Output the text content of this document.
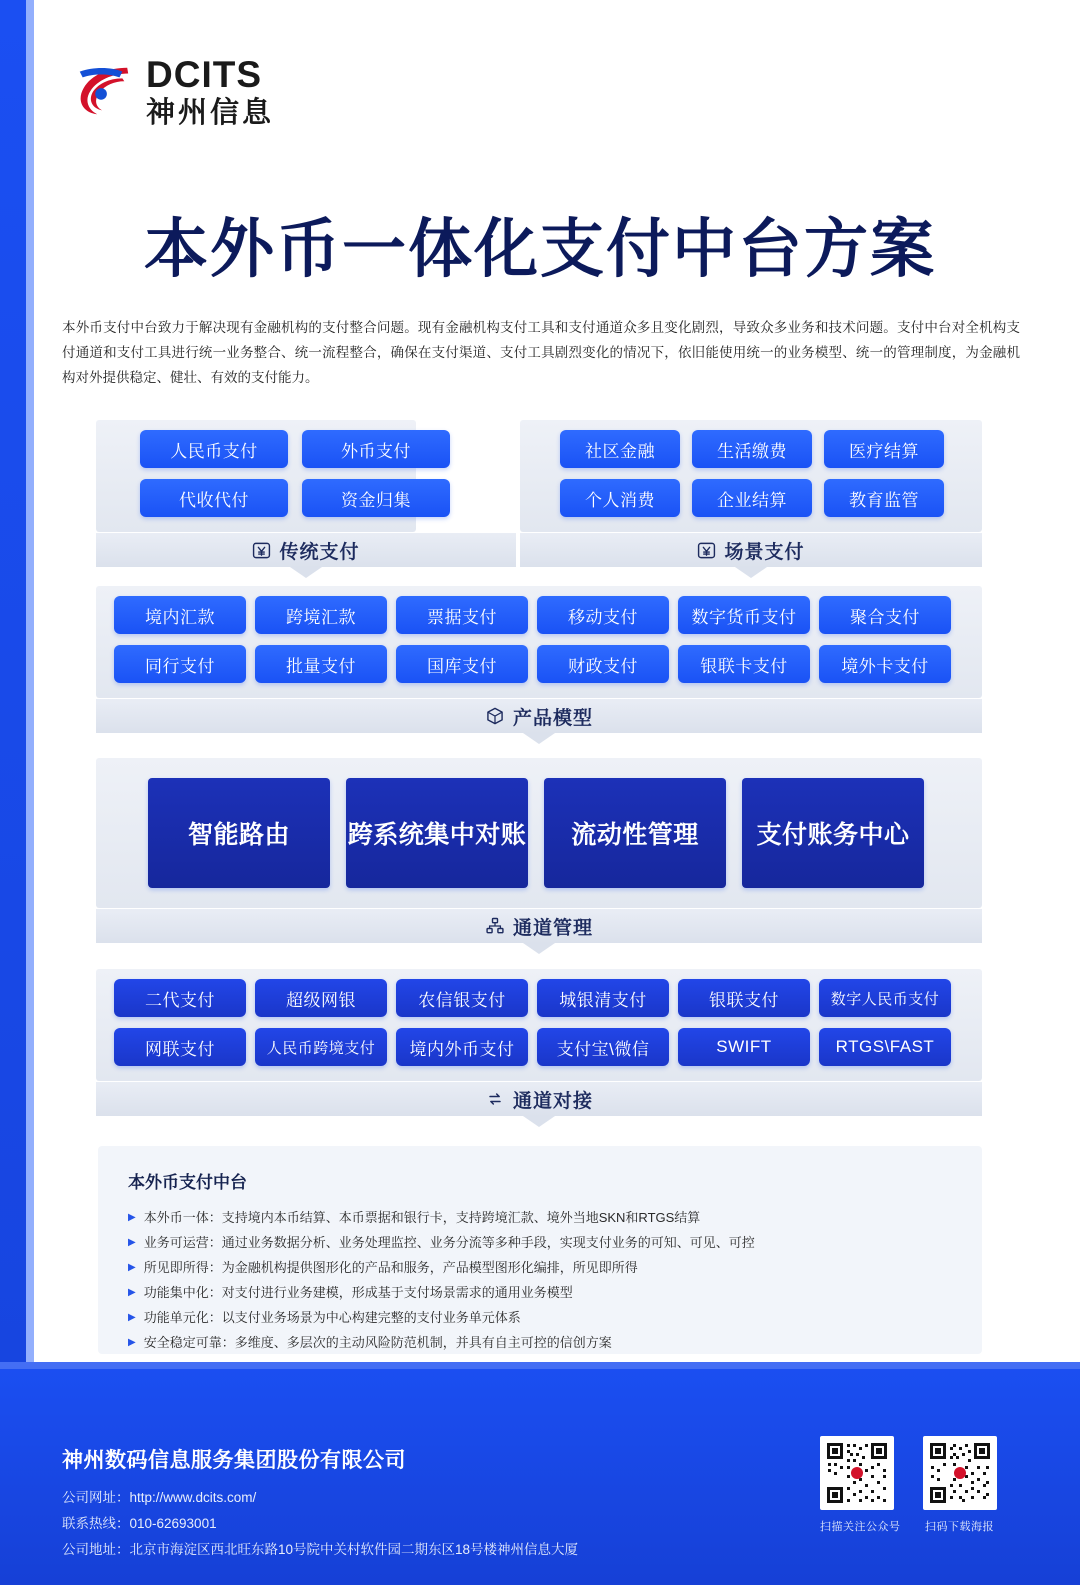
DCITS
神州信息
本外币一体化支付中台方案

本外币支付中台致力于解决现有金融机构的支付整合问题。现有金融机构支付工具和支付通道众多且变化剧烈，导致众多业务和技术问题。支付中台对全机构支付通道和支付工具进行统一业务整合、统一流程整合，确保在支付渠道、支付工具剧烈变化的情况下，依旧能使用统一的业务模型、统一的管理制度，为金融机构对外提供稳定、健壮、有效的支付能力。

人民币支付	外币支付
代收代付	资金归集
传统支付
社区金融	生活缴费	医疗结算
个人消费	企业结算	教育监管
场景支付
境内汇款	跨境汇款	票据支付	移动支付	数字货币支付	聚合支付
同行支付	批量支付	国库支付	财政支付	银联卡支付	境外卡支付
产品模型
智能路由	跨系统集中对账	流动性管理	支付账务中心
通道管理
二代支付	超级网银	农信银支付	城银清支付	银联支付	数字人民币支付
网联支付	人民币跨境支付	境内外币支付	支付宝\微信	SWIFT	RTGS\FAST
通道对接
本外币支付中台
▶ 本外币一体：支持境内本币结算、本币票据和银行卡，支持跨境汇款、境外当地SKN和RTGS结算
▶ 业务可运营：通过业务数据分析、业务处理监控、业务分流等多种手段，实现支付业务的可知、可见、可控
▶ 所见即所得：为金融机构提供图形化的产品和服务，产品模型图形化编排，所见即所得
▶ 功能集中化：对支付进行业务建模，形成基于支付场景需求的通用业务模型
▶ 功能单元化：以支付业务场景为中心构建完整的支付业务单元体系
▶ 安全稳定可靠：多维度、多层次的主动风险防范机制，并具有自主可控的信创方案
神州数码信息服务集团股份有限公司
公司网址：http://www.dcits.com/
联系热线：010-62693001
公司地址：北京市海淀区西北旺东路10号院中关村软件园二期东区18号楼神州信息大厦
扫描关注公众号 扫码下载海报
